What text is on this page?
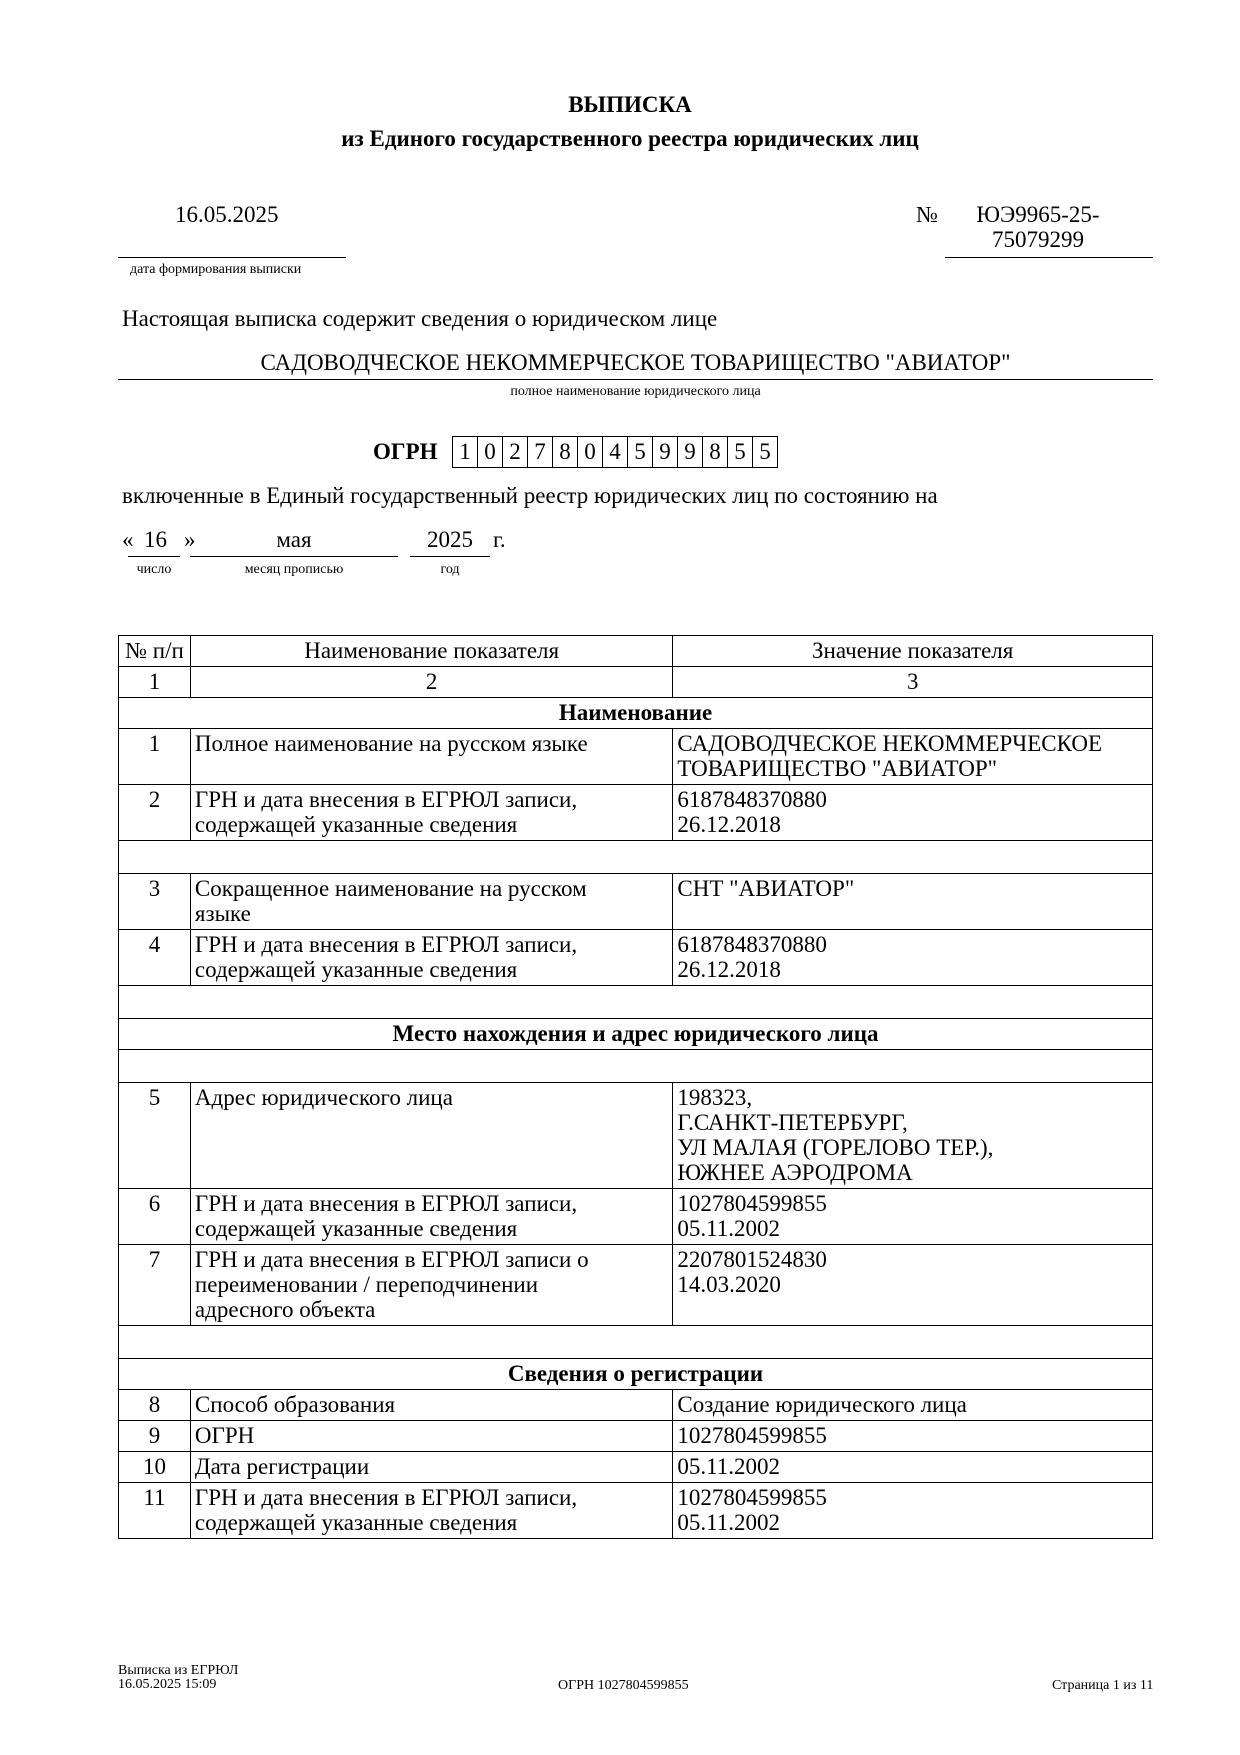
ВЫПИСКА
из Единого государственного реестра юридических лиц
16.05.2025
дата формирования выписки
№	ЮЭ9965-25-
75079299
Настоящая выписка содержит сведения о юридическом лице
САДОВОДЧЕСКОЕ НЕКОММЕРЧЕСКОЕ ТОВАРИЩЕСТВО "АВИАТОР"
полное наименование юридического лица
ОГРН 1 0 2 7 8 0 4 5 9 9 8 5 5
включенные в Единый государственный реестр юридических лиц по состоянию на
« 16 »	мая	2025 г.
число	месяц прописью	год
№ п/п	Наименование показателя	Значение показателя
1	2	3
Наименование		
1	Полное наименование на русском языке	САДОВОДЧЕСКОЕ НЕКОММЕРЧЕСКОЕ
ТОВАРИЩЕСТВО "АВИАТОР"
2	ГРН и дата внесения в ЕГРЮЛ записи,
содержащей указанные сведения	6187848370880
26.12.2018

3	Сокращенное наименование на русском
языке	СНТ "АВИАТОР"
4	ГРН и дата внесения в ЕГРЮЛ записи,
содержащей указанные сведения	6187848370880
26.12.2018

Место нахождения и адрес юридического лица		

5	Адрес юридического лица	198323,
Г.САНКТ-ПЕТЕРБУРГ,
УЛ МАЛАЯ (ГОРЕЛОВО ТЕР.),
ЮЖНЕЕ АЭРОДРОМА
6	ГРН и дата внесения в ЕГРЮЛ записи,
содержащей указанные сведения	1027804599855
05.11.2002
7	ГРН и дата внесения в ЕГРЮЛ записи о
переименовании / переподчинении
адресного объекта	2207801524830
14.03.2020

Сведения о регистрации		
8	Способ образования	Создание юридического лица
9	ОГРН	1027804599855
10	Дата регистрации	05.11.2002
11	ГРН и дата внесения в ЕГРЮЛ записи,
содержащей указанные сведения	1027804599855
05.11.2002
Выписка из ЕГРЮЛ
16.05.2025 15:09	ОГРН 1027804599855	Страница 1 из 11
